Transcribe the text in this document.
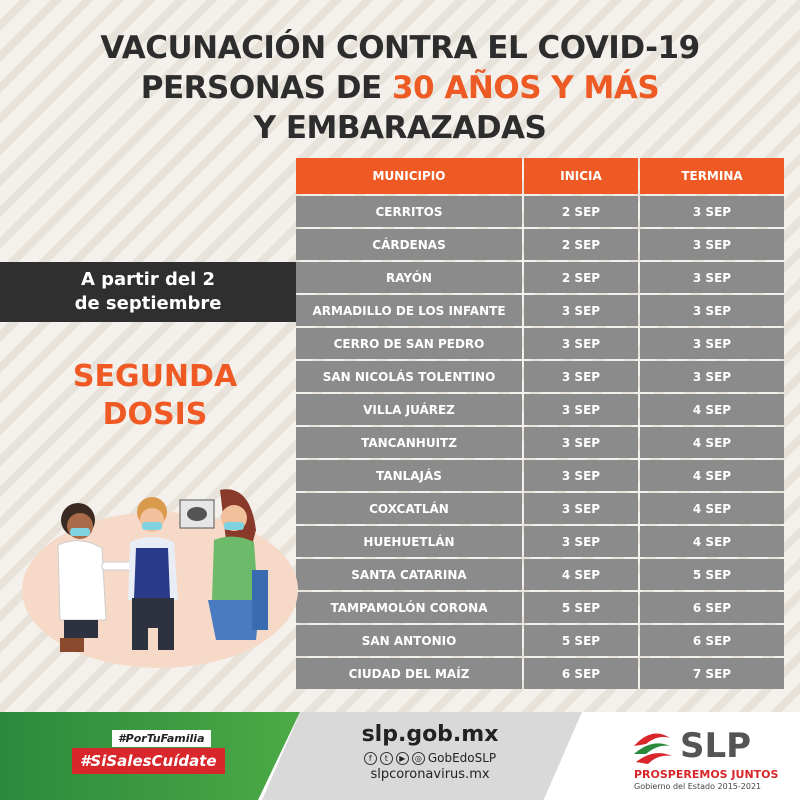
VACUNACIÓN CONTRA EL COVID-19
PERSONAS DE 30 AÑOS Y MÁS
Y EMBARAZADAS
MUNICIPIO	INICIA	TERMINA
CERRITOS	2 SEP	3 SEP
CÁRDENAS	2 SEP	3 SEP
RAYÓN	2 SEP	3 SEP
ARMADILLO DE LOS INFANTE	3 SEP	3 SEP
CERRO DE SAN PEDRO	3 SEP	3 SEP
SAN NICOLÁS TOLENTINO	3 SEP	3 SEP
VILLA JUÁREZ	3 SEP	4 SEP
TANCANHUITZ	3 SEP	4 SEP
TANLAJÁS	3 SEP	4 SEP
COXCATLÁN	3 SEP	4 SEP
HUEHUETLÁN	3 SEP	4 SEP
SANTA CATARINA	4 SEP	5 SEP
TAMPAMOLÓN CORONA	5 SEP	6 SEP
SAN ANTONIO	5 SEP	6 SEP
CIUDAD DEL MAÍZ	6 SEP	7 SEP
A partir del 2
de septiembre
SEGUNDA
DOSIS
#PorTuFamilia
#SiSalesCuídate
slp.gob.mx
f	t	▶	◎ GobEdoSLP
slpcoronavirus.mx
SLP
PROSPEREMOS JUNTOS
Gobierno del Estado 2015-2021
